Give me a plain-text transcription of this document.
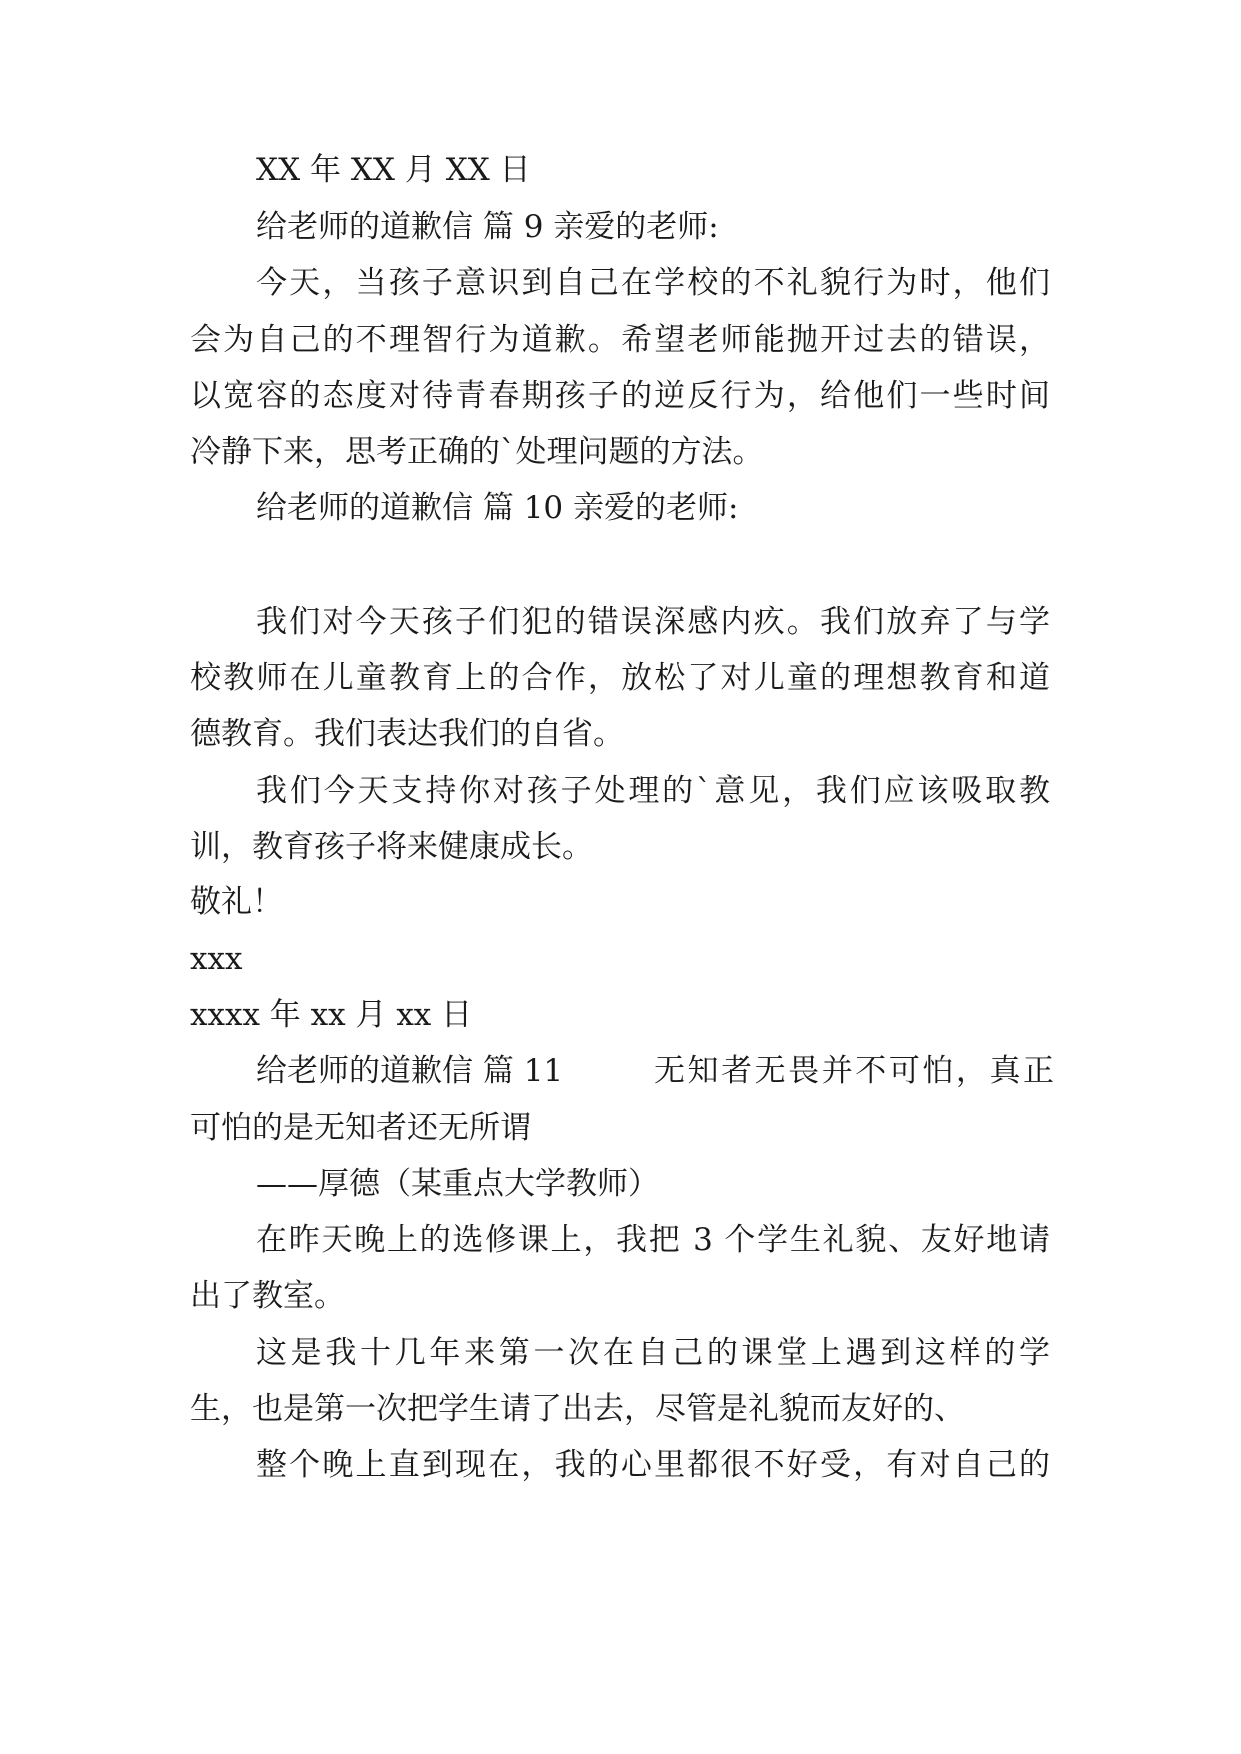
XX 年 XX 月 XX 日
给老师的道歉信 篇 9 亲爱的老师:
今天，当孩子意识到自己在学校的不礼貌行为时，他们
会为自己的不理智行为道歉。希望老师能抛开过去的错误，
以宽容的态度对待青春期孩子的逆反行为，给他们一些时间
冷静下来，思考正确的`处理问题的方法。
给老师的道歉信 篇 10 亲爱的老师:
我们对今天孩子们犯的错误深感内疚。我们放弃了与学
校教师在儿童教育上的合作，放松了对儿童的理想教育和道
德教育。我们表达我们的自省。
我们今天支持你对孩子处理的`意见，我们应该吸取教
训，教育孩子将来健康成长。
敬礼！
xxx
xxxx 年 xx 月 xx 日
给老师的道歉信 篇 11	无知者无畏并不可怕，真正
可怕的是无知者还无所谓
——厚德（某重点大学教师）
在昨天晚上的选修课上，我把 3 个学生礼貌、友好地请
出了教室。
这是我十几年来第一次在自己的课堂上遇到这样的学
生，也是第一次把学生请了出去，尽管是礼貌而友好的、
整个晚上直到现在，我的心里都很不好受，有对自己的
